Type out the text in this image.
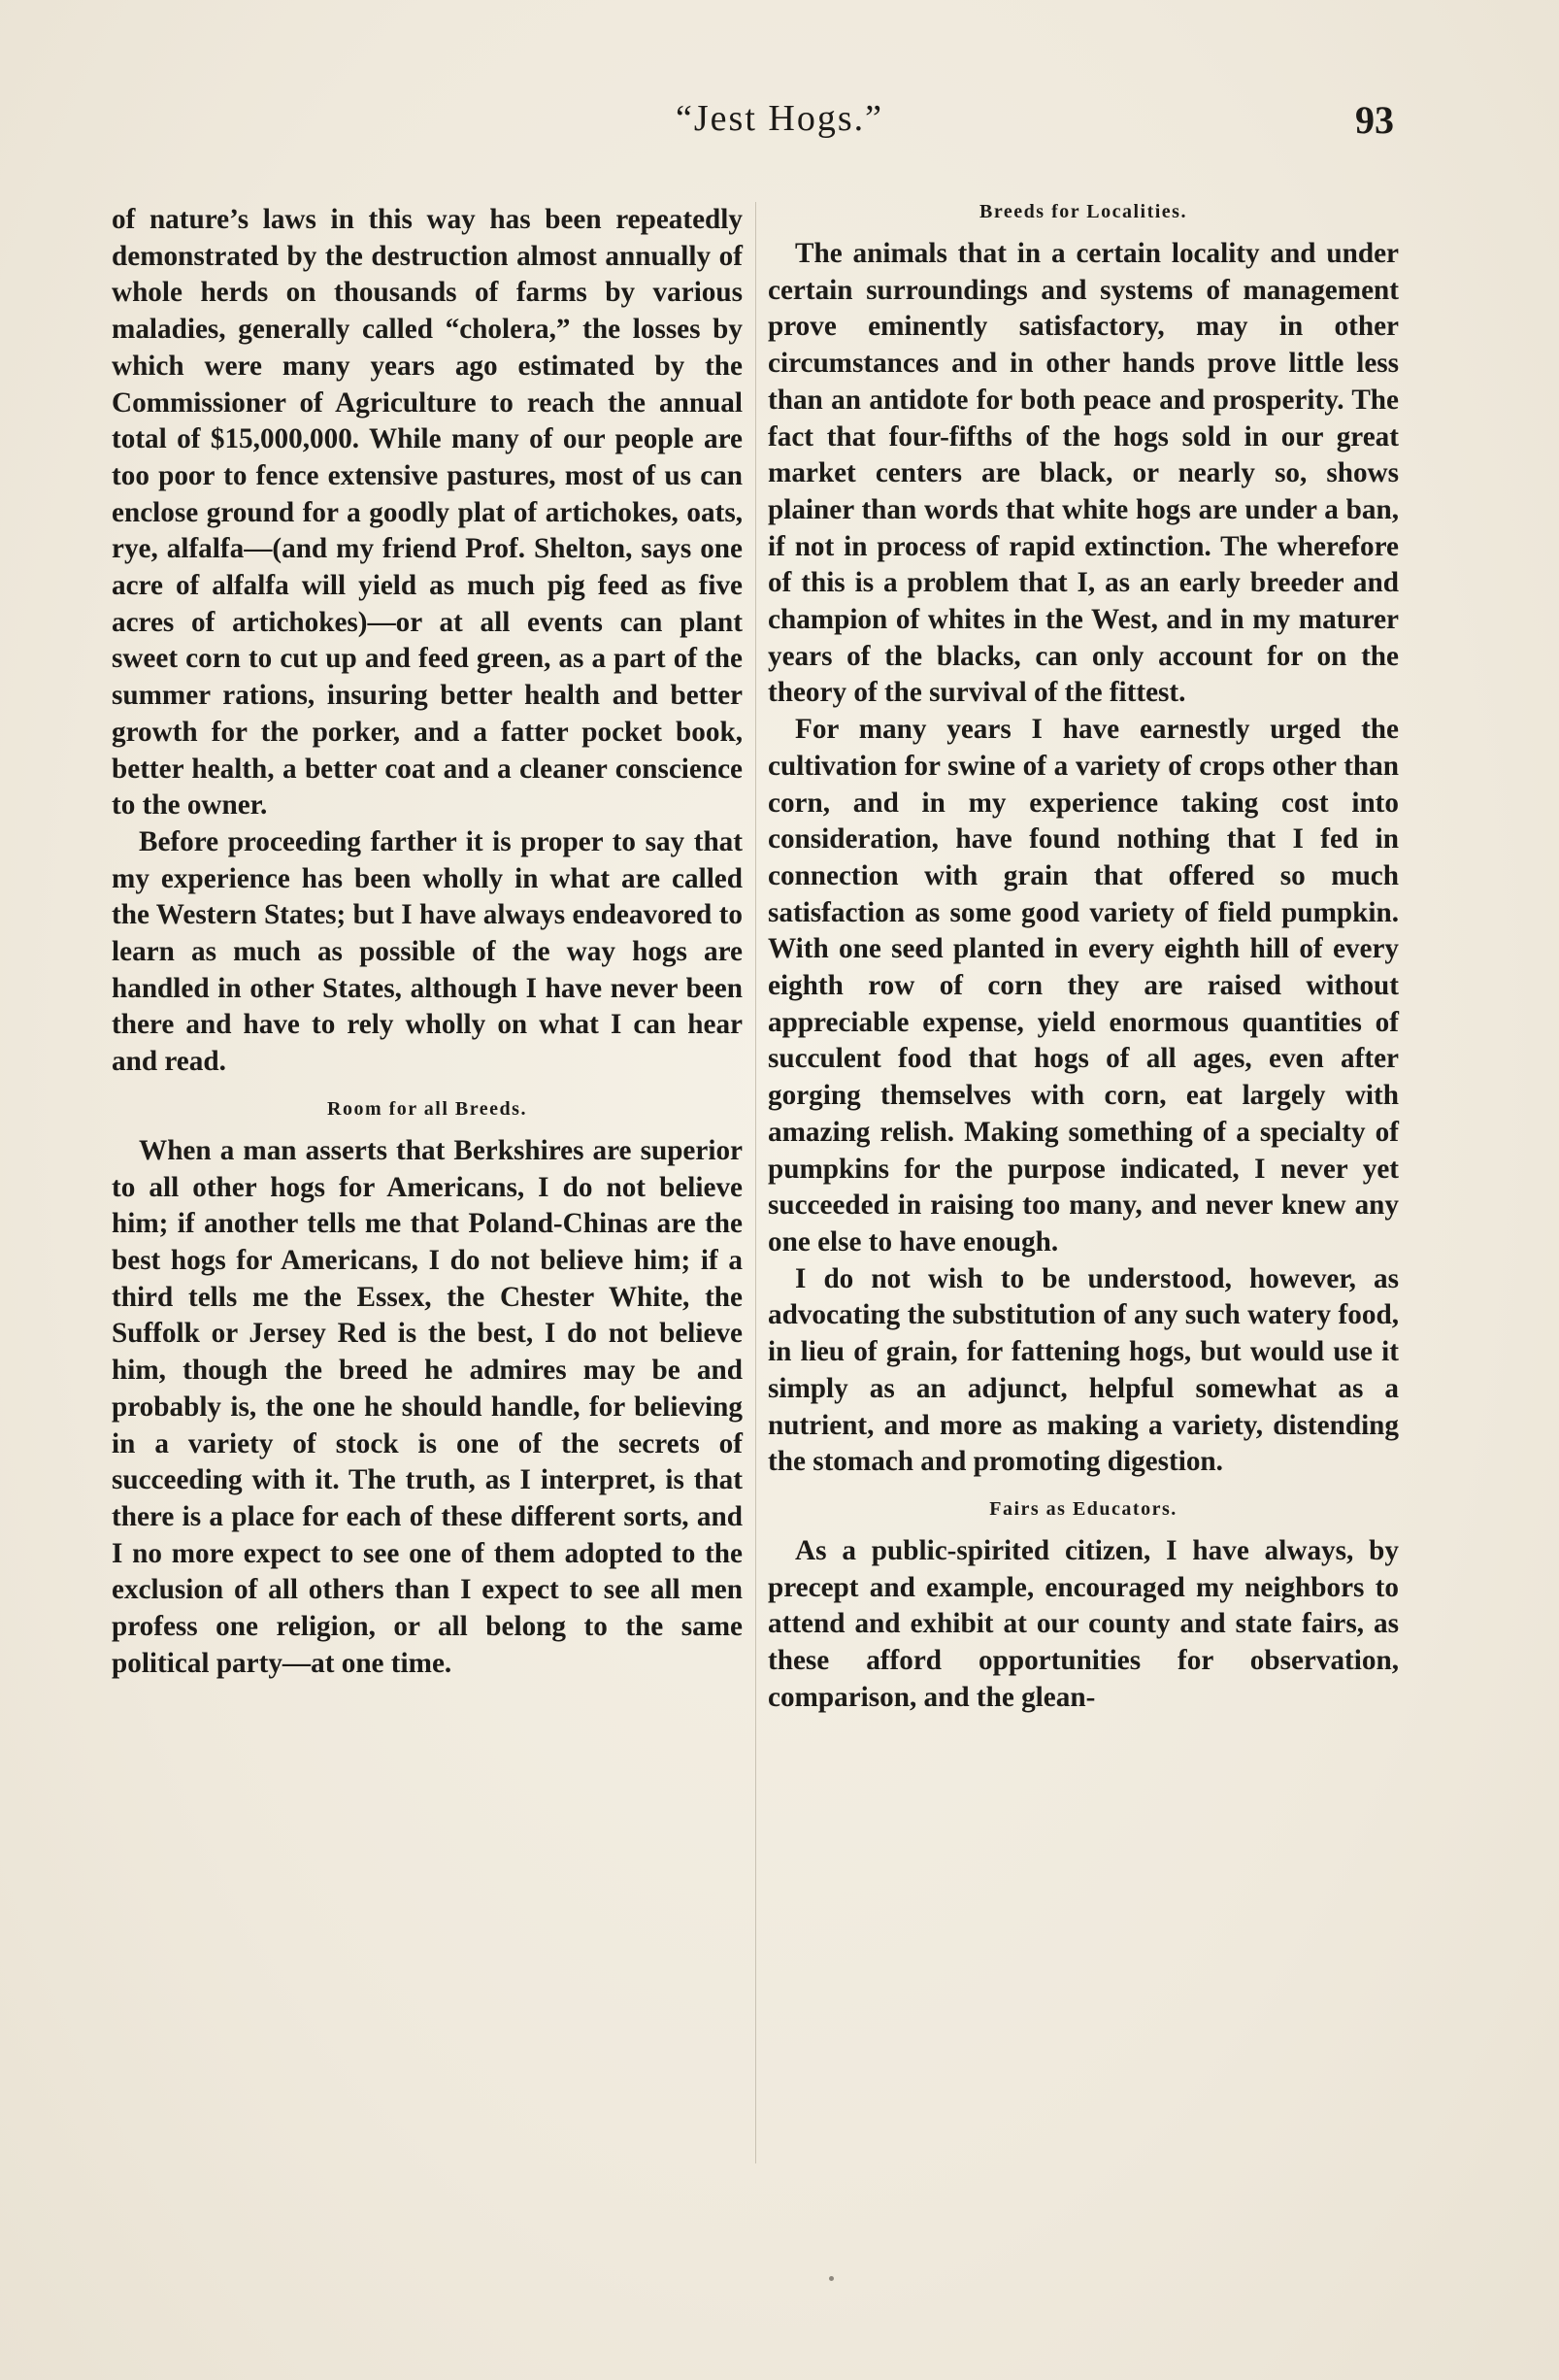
“Jest Hogs.”	93

of nature’s laws in this way has been repeatedly demonstrated by the destruction almost annually of whole herds on thousands of farms by various maladies, generally called “cholera,” the losses by which were many years ago estimated by the Commissioner of Agriculture to reach the annual total of $15,000,000. While many of our people are too poor to fence extensive pastures, most of us can enclose ground for a goodly plat of artichokes, oats, rye, alfalfa—(and my friend Prof. Shelton, says one acre of alfalfa will yield as much pig feed as five acres of artichokes)—or at all events can plant sweet corn to cut up and feed green, as a part of the summer rations, insuring better health and better growth for the porker, and a fatter pocket book, better health, a better coat and a cleaner conscience to the owner.

Before proceeding farther it is proper to say that my experience has been wholly in what are called the Western States; but I have always endeavored to learn as much as possible of the way hogs are handled in other States, although I have never been there and have to rely wholly on what I can hear and read.

Room for all Breeds.

When a man asserts that Berkshires are superior to all other hogs for Americans, I do not believe him; if another tells me that Poland-Chinas are the best hogs for Americans, I do not believe him; if a third tells me the Essex, the Chester White, the Suffolk or Jersey Red is the best, I do not believe him, though the breed he admires may be and probably is, the one he should handle, for believing in a variety of stock is one of the secrets of succeeding with it. The truth, as I interpret, is that there is a place for each of these different sorts, and I no more expect to see one of them adopted to the exclusion of all others than I expect to see all men profess one religion, or all belong to the same political party—at one time.

Breeds for Localities.

The animals that in a certain locality and under certain surroundings and systems of management prove eminently satisfactory, may in other circumstances and in other hands prove little less than an antidote for both peace and prosperity. The fact that four-fifths of the hogs sold in our great market centers are black, or nearly so, shows plainer than words that white hogs are under a ban, if not in process of rapid extinction. The wherefore of this is a problem that I, as an early breeder and champion of whites in the West, and in my maturer years of the blacks, can only account for on the theory of the survival of the fittest.

For many years I have earnestly urged the cultivation for swine of a variety of crops other than corn, and in my experience taking cost into consideration, have found nothing that I fed in connection with grain that offered so much satisfaction as some good variety of field pumpkin. With one seed planted in every eighth hill of every eighth row of corn they are raised without appreciable expense, yield enormous quantities of succulent food that hogs of all ages, even after gorging themselves with corn, eat largely with amazing relish. Making something of a specialty of pumpkins for the purpose indicated, I never yet succeeded in raising too many, and never knew any one else to have enough.

I do not wish to be understood, however, as advocating the substitution of any such watery food, in lieu of grain, for fattening hogs, but would use it simply as an adjunct, helpful somewhat as a nutrient, and more as making a variety, distending the stomach and promoting digestion.

Fairs as Educators.

As a public-spirited citizen, I have always, by precept and example, encouraged my neighbors to attend and exhibit at our county and state fairs, as these afford opportunities for observation, comparison, and the glean-
